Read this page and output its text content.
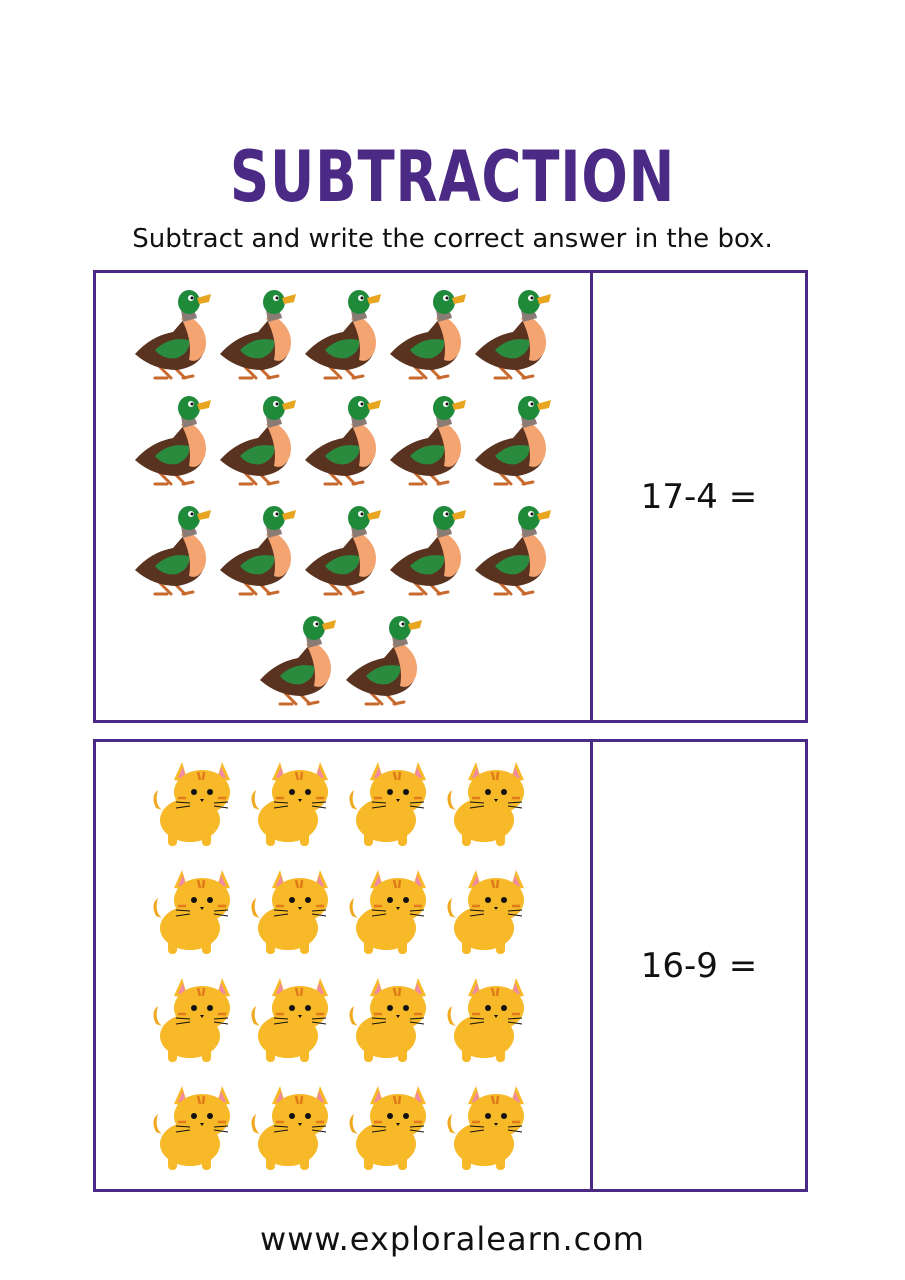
SUBTRACTION
Subtract and write the correct answer in the box.
17-4 =
16-9 =
www.exploralearn.com
